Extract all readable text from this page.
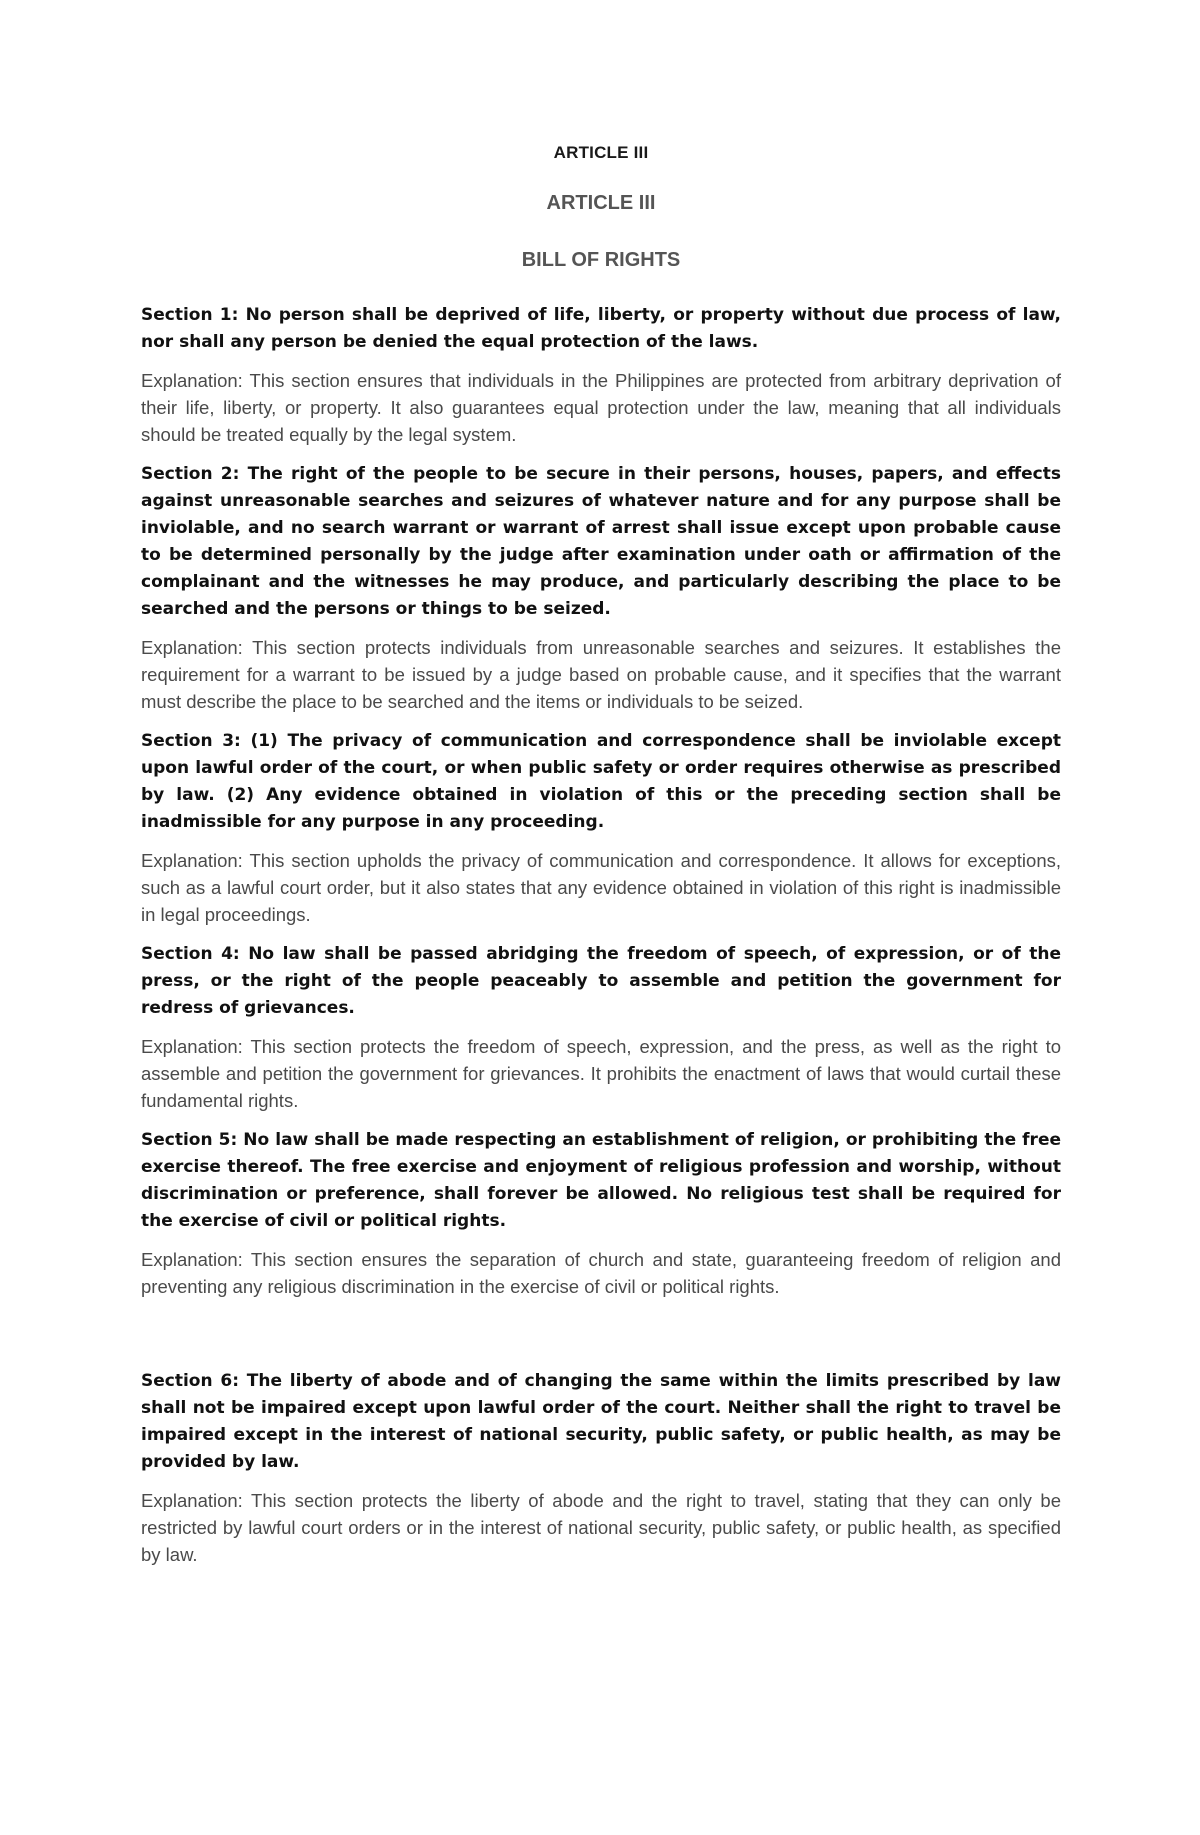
ARTICLE III
ARTICLE III
BILL OF RIGHTS

Section 1: No person shall be deprived of life, liberty, or property without due process of law, nor shall any person be denied the equal protection of the laws.

Explanation: This section ensures that individuals in the Philippines are protected from arbitrary deprivation of their life, liberty, or property. It also guarantees equal protection under the law, meaning that all individuals should be treated equally by the legal system.

Section 2: The right of the people to be secure in their persons, houses, papers, and effects against unreasonable searches and seizures of whatever nature and for any purpose shall be inviolable, and no search warrant or warrant of arrest shall issue except upon probable cause to be determined personally by the judge after examination under oath or affirmation of the complainant and the witnesses he may produce, and particularly describing the place to be searched and the persons or things to be seized.

Explanation: This section protects individuals from unreasonable searches and seizures. It establishes the requirement for a warrant to be issued by a judge based on probable cause, and it specifies that the warrant must describe the place to be searched and the items or individuals to be seized.

Section 3: (1) The privacy of communication and correspondence shall be inviolable except upon lawful order of the court, or when public safety or order requires otherwise as prescribed by law. (2) Any evidence obtained in violation of this or the preceding section shall be inadmissible for any purpose in any proceeding.

Explanation: This section upholds the privacy of communication and correspondence. It allows for exceptions, such as a lawful court order, but it also states that any evidence obtained in violation of this right is inadmissible in legal proceedings.

Section 4: No law shall be passed abridging the freedom of speech, of expression, or of the press, or the right of the people peaceably to assemble and petition the government for redress of grievances.

Explanation: This section protects the freedom of speech, expression, and the press, as well as the right to assemble and petition the government for grievances. It prohibits the enactment of laws that would curtail these fundamental rights.

Section 5: No law shall be made respecting an establishment of religion, or prohibiting the free exercise thereof. The free exercise and enjoyment of religious profession and worship, without discrimination or preference, shall forever be allowed. No religious test shall be required for the exercise of civil or political rights.

Explanation: This section ensures the separation of church and state, guaranteeing freedom of religion and preventing any religious discrimination in the exercise of civil or political rights.

Section 6: The liberty of abode and of changing the same within the limits prescribed by law shall not be impaired except upon lawful order of the court. Neither shall the right to travel be impaired except in the interest of national security, public safety, or public health, as may be provided by law.

Explanation: This section protects the liberty of abode and the right to travel, stating that they can only be restricted by lawful court orders or in the interest of national security, public safety, or public health, as specified by law.
